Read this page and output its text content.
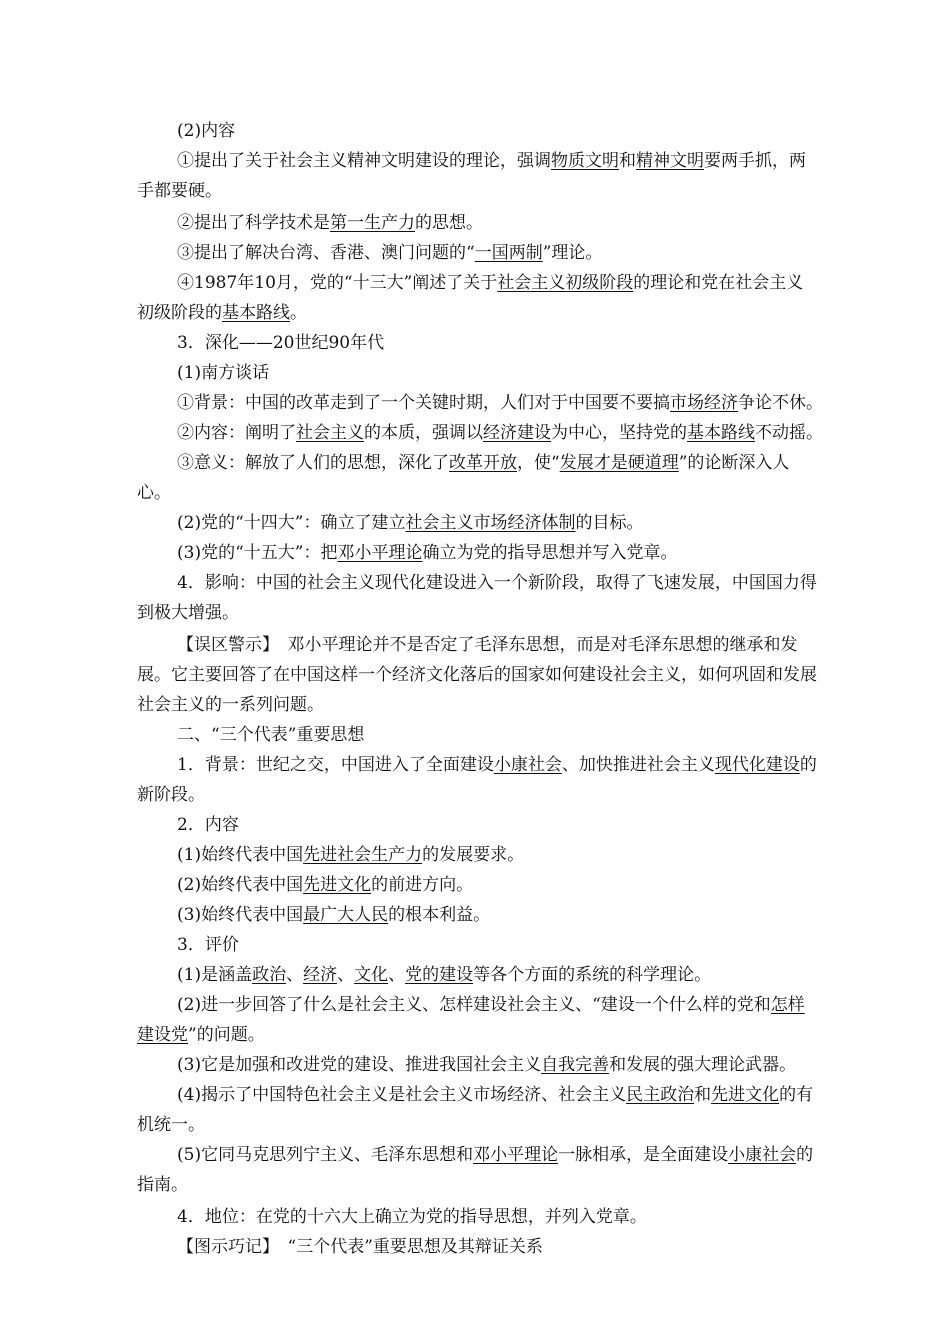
(2)内容
①提出了关于社会主义精神文明建设的理论，强调物质文明和精神文明要两手抓，两
手都要硬。
②提出了科学技术是第一生产力的思想。
③提出了解决台湾、香港、澳门问题的“一国两制”理论。
④1987年10月，党的“十三大”阐述了关于社会主义初级阶段的理论和党在社会主义
初级阶段的基本路线。
3．深化——20世纪90年代
(1)南方谈话
①背景：中国的改革走到了一个关键时期，人们对于中国要不要搞市场经济争论不休。
②内容：阐明了社会主义的本质，强调以经济建设为中心，坚持党的基本路线不动摇。
③意义：解放了人们的思想，深化了改革开放，使“发展才是硬道理”的论断深入人
心。
(2)党的“十四大”：确立了建立社会主义市场经济体制的目标。
(3)党的“十五大”：把邓小平理论确立为党的指导思想并写入党章。
4．影响：中国的社会主义现代化建设进入一个新阶段，取得了飞速发展，中国国力得
到极大增强。
【误区警示】　邓小平理论并不是否定了毛泽东思想，而是对毛泽东思想的继承和发
展。它主要回答了在中国这样一个经济文化落后的国家如何建设社会主义，如何巩固和发展
社会主义的一系列问题。
二、“三个代表”重要思想
1．背景：世纪之交，中国进入了全面建设小康社会、加快推进社会主义现代化建设的
新阶段。
2．内容
(1)始终代表中国先进社会生产力的发展要求。
(2)始终代表中国先进文化的前进方向。
(3)始终代表中国最广大人民的根本利益。
3．评价
(1)是涵盖政治、经济、文化、党的建设等各个方面的系统的科学理论。
(2)进一步回答了什么是社会主义、怎样建设社会主义、“建设一个什么样的党和怎样
建设党”的问题。
(3)它是加强和改进党的建设、推进我国社会主义自我完善和发展的强大理论武器。
(4)揭示了中国特色社会主义是社会主义市场经济、社会主义民主政治和先进文化的有
机统一。
(5)它同马克思列宁主义、毛泽东思想和邓小平理论一脉相承，是全面建设小康社会的
指南。
4．地位：在党的十六大上确立为党的指导思想，并列入党章。
【图示巧记】　“三个代表”重要思想及其辩证关系
